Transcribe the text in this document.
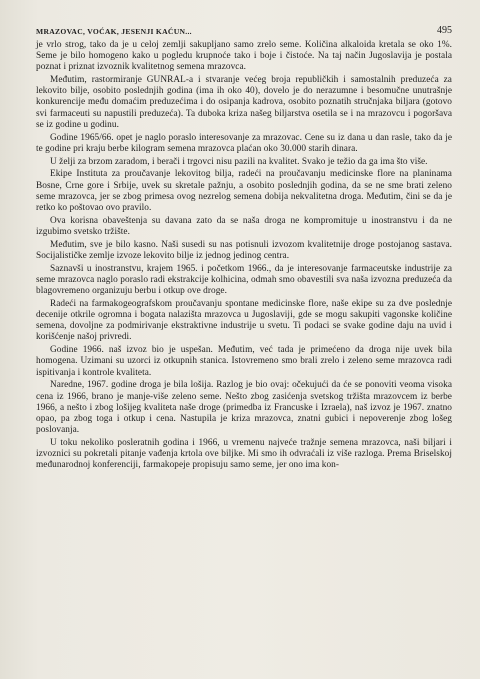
MRAZOVAC, VOĆAK, JESENJI KAĆUN...	495

je vrlo strog, tako da je u celoj zemlji sakupljano samo zrelo seme. Količina alkaloida kretala se oko 1%. Seme je bilo homogeno kako u pogledu krupnoće tako i boje i čistoće. Na taj način Jugoslavija je postala poznat i priznat izvoznik kvalitetnog semena mrazovca.

Međutim, rastormiranje GUNRAL-a i stvaranje većeg broja republičkih i samostalnih preduzeća za lekovito bilje, osobito poslednjih godina (ima ih oko 40), dovelo je do nerazumne i besomučne unutrašnje konkurencije među domaćim preduzećima i do osipanja kadrova, osobito poznatih stručnjaka biljara (gotovo svi farmaceuti su napustili preduzeća). Ta duboka kriza našeg biljarstva osetila se i na mrazovcu i pogoršava se iz godine u godinu.

Godine 1965/66. opet je naglo poraslo interesovanje za mrazovac. Cene su iz dana u dan rasle, tako da je te godine pri kraju berbe kilogram semena mrazovca plaćan oko 30.000 starih dinara.

U želji za brzom zaradom, i berači i trgovci nisu pazili na kvalitet. Svako je težio da ga ima što više.

Ekipe Instituta za proučavanje lekovitog bilja, radeći na proučavanju medicinske flore na planinama Bosne, Crne gore i Srbije, uvek su skretale pažnju, a osobito poslednjih godina, da se ne sme brati zeleno seme mrazovca, jer se zbog primesa ovog nezrelog semena dobija nekvalitetna droga. Međutim, čini se da je retko ko poštovao ovo pravilo.

Ova korisna obaveštenja su davana zato da se naša droga ne kompromituje u inostranstvu i da ne izgubimo svetsko tržište.

Međutim, sve je bilo kasno. Naši susedi su nas potisnuli izvozom kvalitetnije droge postojanog sastava. Socijalističke zemlje izvoze lekovito bilje iz jednog jedinog centra.

Saznavši u inostranstvu, krajem 1965. i početkom 1966., da je interesovanje farmaceutske industrije za seme mrazovca naglo poraslo radi ekstrakcije kolhicina, odmah smo obavestili sva naša izvozna preduzeća da blagovremeno organizuju berbu i otkup ove droge.

Radeći na farmakogeografskom proučavanju spontane medicinske flore, naše ekipe su za dve poslednje decenije otkrile ogromna i bogata nalazišta mrazovca u Jugoslaviji, gde se mogu sakupiti vagonske količine semena, dovoljne za podmirivanje ekstraktivne industrije u svetu. Ti podaci se svake godine daju na uvid i korišćenje našoj privredi.

Godine 1966. naš izvoz bio je uspešan. Međutim, već tada je primećeno da droga nije uvek bila homogena. Uzimani su uzorci iz otkupnih stanica. Istovremeno smo brali zrelo i zeleno seme mrazovca radi ispitivanja i kontrole kvaliteta.

Naredne, 1967. godine droga je bila lošija. Razlog je bio ovaj: očekujući da će se ponoviti veoma visoka cena iz 1966, brano je manje-više zeleno seme. Nešto zbog zasićenja svetskog tržišta mrazovcem iz berbe 1966, a nešto i zbog lošijeg kvaliteta naše droge (primedba iz Francuske i Izraela), naš izvoz je 1967. znatno opao, pa zbog toga i otkup i cena. Nastupila je kriza mrazovca, znatni gubici i nepoverenje zbog lošeg poslovanja.

U toku nekoliko posleratnih godina i 1966, u vremenu najveće tražnje semena mrazovca, naši biljari i izvoznici su pokretali pitanje vađenja krtola ove biljke. Mi smo ih odvraćali iz više razloga. Prema Briselskoj međunarodnoj konferenciji, farmakopeje propisuju samo seme, jer ono ima kon-
